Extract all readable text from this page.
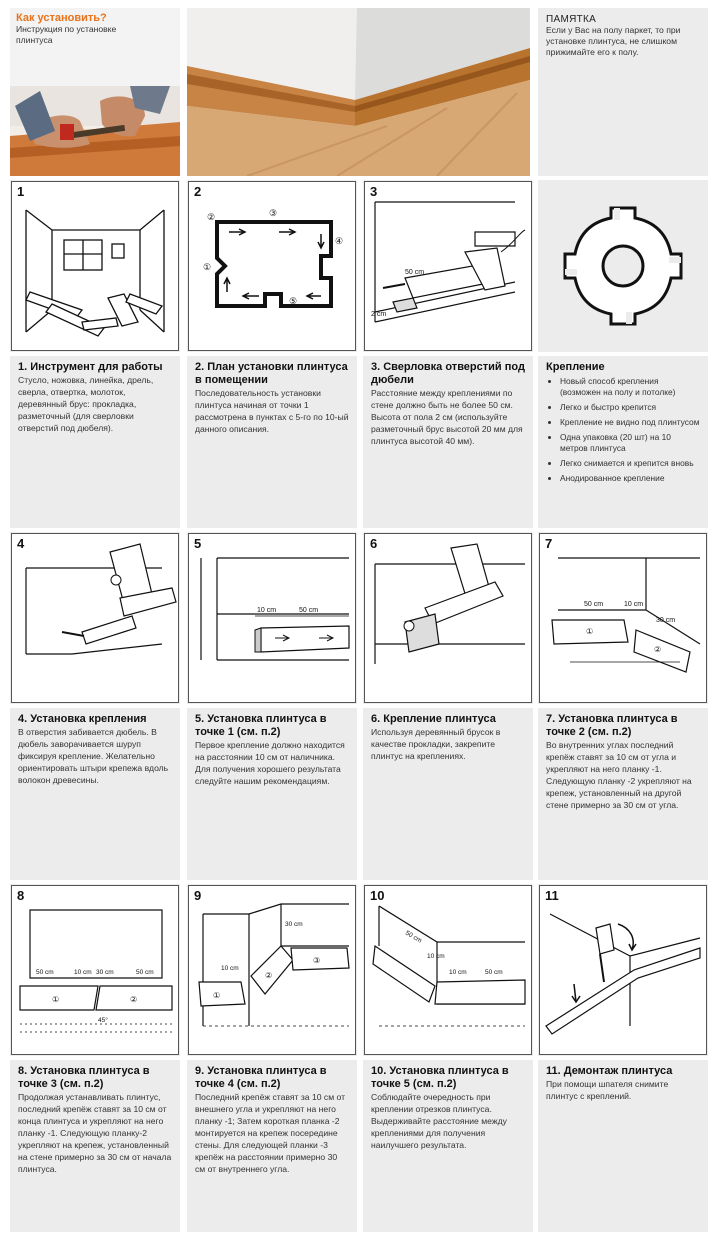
Как установить?
Инструкция по установке плинтуса
ПАМЯТКА
Если у Вас на полу паркет, то при установке плинтуса, не слишком прижимайте его к полу.
1	2
②	③
④
①
⑤
3
50 cm
2 cm
1. Инструмент для работы
Стусло, ножовка, линейка, дрель, сверла, отвертка, молоток, деревянный брус: прокладка, разметочный (для сверловки отверстий под дюбеля).
2. План установки плинтуса в помещении
Последовательность установки плинтуса начиная от точки 1 рассмотрена в пунктах с 5-го по 10-ый данного описания.
3. Сверловка отверстий под дюбели
Расстояние между креплениями по стене должно быть не более 50 см. Высота от пола 2 см (используйте разметочный брус высотой 20 мм для плинтуса высотой 40 мм).
Крепление
• Новый способ крепления (возможен на полу и потолке)
• Легко и быстро крепится
• Крепление не видно под плинтусом
• Одна упаковка (20 шт) на 10 метров плинтуса
• Легко снимается и крепится вновь
• Анодированное крепление
4	5
10 cm	50 cm
6	7
50 cm	10 cm
30 cm
①
②
4. Установка крепления
В отверстия забивается дюбель. В дюбель заворачивается шуруп фиксируя крепление. Желательно ориентировать штыри крепежа вдоль волокон древесины.
5. Установка плинтуса в точке 1 (см. п.2)
Первое крепление должно находится на расстоянии 10 см от наличника. Для получения хорошего результата следуйте нашим рекомендациям.
6. Крепление плинтуса
Используя деревянный брусок в качестве прокладки, закрепите плинтус на креплениях.
7. Установка плинтуса в точке 2 (см. п.2)
Во внутренних углах последний крепёж ставят за 10 см от угла и укрепляют на него планку -1. Следующую планку -2 укрепляют на крепеж, установленный на другой стене примерно за 30 см от угла.
8
50 cm	10 cm 30 cm	50 cm
①	②
45°
9
10 cm
30 cm
①
②
③
10
50 cm
10 cm
10 cm	50 cm
11
8. Установка плинтуса в точке 3 (см. п.2)
Продолжая устанавливать плинтус, последний крепёж ставят за 10 см от конца плинтуса и укрепляют на него планку -1. Следующую планку-2 укрепляют на крепеж, установленный на стене примерно за 30 см от начала плинтуса.
9. Установка плинтуса в точке 4 (см. п.2)
Последний крепёж ставят за 10 см от внешнего угла и укрепляют на него планку -1; Затем короткая планка -2 монтируется на крепеж посередине стены. Для следующей планки -3 крепёж на расстоянии примерно 30 см от внутреннего угла.
10. Установка плинтуса в точке 5 (см. п.2)
Соблюдайте очередность при креплении отрезков плинтуса. Выдерживайте расстояние между креплениями для получения наилучшего результата.
11. Демонтаж плинтуса
При помощи шпателя снимите плинтус с креплений.
